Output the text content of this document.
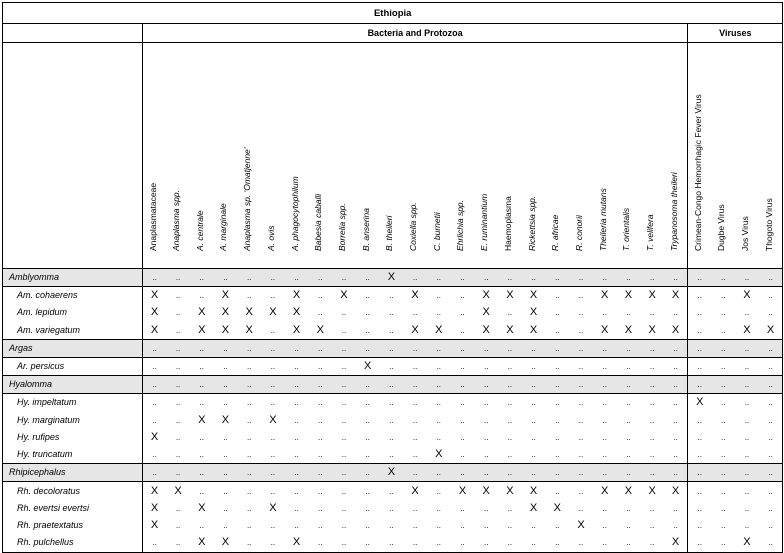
Ethiopia																											
	Bacteria and Protozoa																							Viruses			

	Anaplasmataceae	Anaplasma spp.	A. centrale	A. marginale	Anaplasma sp. 'Omatjenne'	A. ovis	A. phagocytophilum	Babesia caballi	Borrelia spp.	B. anserina	B. theileri	Coxiella spp.	C. burnetii	Ehrlichia spp.	E. ruminantium	Haemoplasma	Rickettsia spp.	R. africae	R. conorii	Theileria mutans	T. orientalis	T. velifera	Trypanosoma theileri	Crimean-Congo Hemorrhagic Fever Virus	Dugbe Virus	Jos Virus	Thogoto Virus

Amblyomma	..	..	..	..	..	..	..	..	..	..	X	..	..	..	..	..	..	..	..	..	..	..	..	..	..	..	..
Am. cohaerens	X	..	..	X	..	..	X	..	X	..	..	X	..	..	X	X	X	..	..	X	X	X	X	..	..	X	..
Am. lepidum	X	..	X	X	X	X	X	..	..	..	..	..	..	..	X	..	X	..	..	..	..	..	..	..	..	..	..
Am. variegatum	X	..	X	X	X	..	X	X	..	..	..	X	X	..	X	X	X	..	..	X	X	X	X	..	..	X	X
Argas	..	..	..	..	..	..	..	..	..	..	..	..	..	..	..	..	..	..	..	..	..	..	..	..	..	..	..
Ar. persicus	..	..	..	..	..	..	..	..	..	X	..	..	..	..	..	..	..	..	..	..	..	..	..	..	..	..	..
Hyalomma	..	..	..	..	..	..	..	..	..	..	..	..	..	..	..	..	..	..	..	..	..	..	..	..	..	..	..
Hy. impeltatum	..	..	..	..	..	..	..	..	..	..	..	..	..	..	..	..	..	..	..	..	..	..	..	X	..	..	..
Hy. marginatum	..	..	X	X	..	X	..	..	..	..	..	..	..	..	..	..	..	..	..	..	..	..	..	..	..	..	..
Hy. rufipes	X	..	..	..	..	..	..	..	..	..	..	..	..	..	..	..	..	..	..	..	..	..	..	..	..	..	..
Hy. truncatum	..	..	..	..	..	..	..	..	..	..	..	..	X	..	..	..	..	..	..	..	..	..	..	..	..	..	..
Rhipicephalus	..	..	..	..	..	..	..	..	..	..	X	..	..	..	..	..	..	..	..	..	..	..	..	..	..	..	..
Rh. decoloratus	X	X	..	..	..	..	..	..	..	..	..	X	..	X	X	X	X	..	..	X	X	X	X	..	..	..	..
Rh. evertsi evertsi	X	..	X	..	..	X	..	..	..	..	..	..	..	..	..	..	X	X	..	..	..	..	..	..	..	..	..
Rh. praetextatus	X	..	..	..	..	..	..	..	..	..	..	..	..	..	..	..	..	..	X	..	..	..	..	..	..	..	..
Rh. pulchellus	..	..	X	X	..	..	X	..	..	..	..	..	..	..	..	..	..	..	..	..	..	..	X	..	..	X	..
